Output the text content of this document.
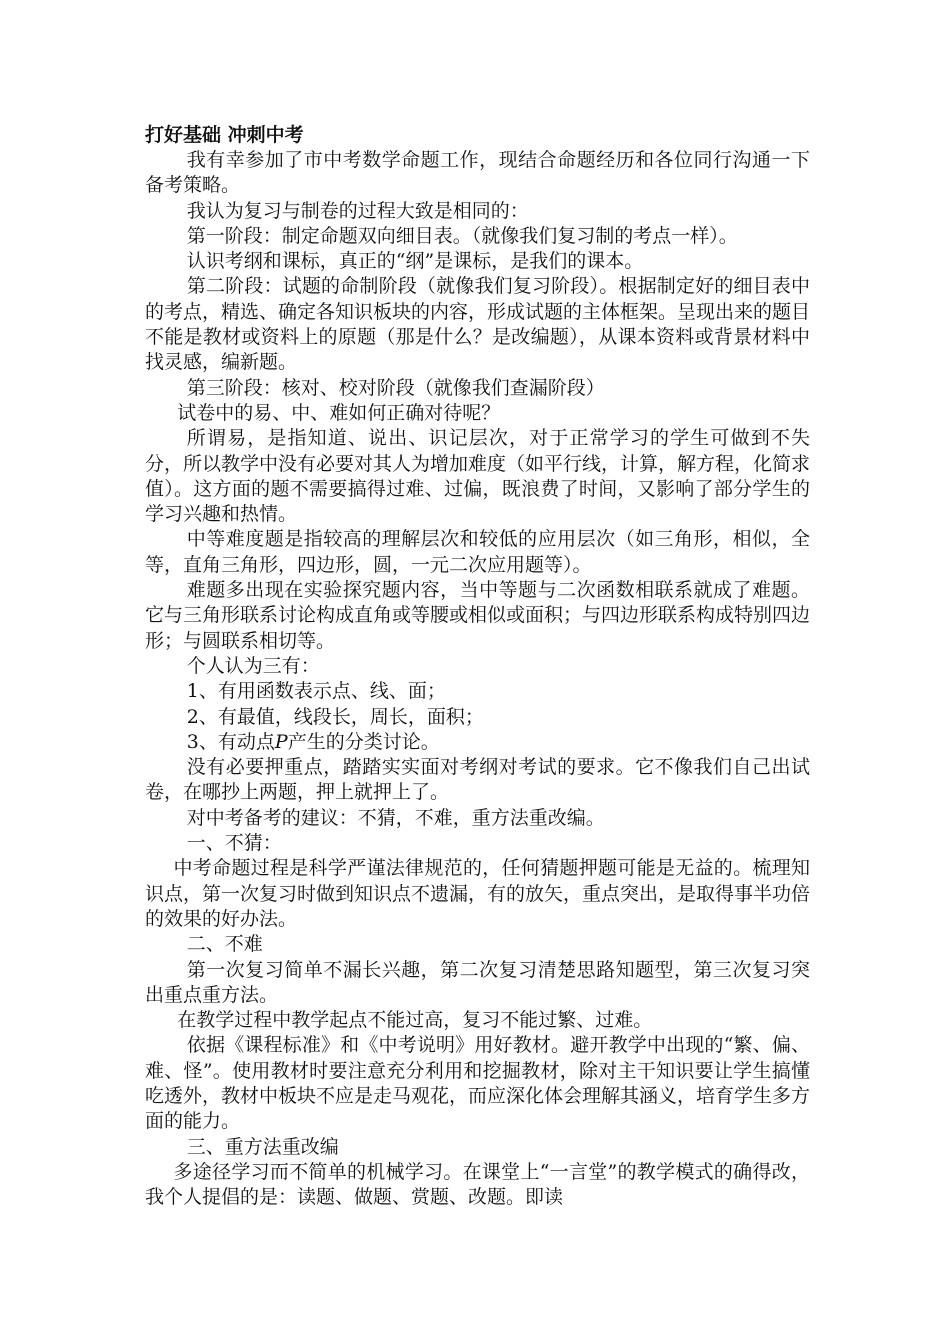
打好基础 冲刺中考

我有幸参加了市中考数学命题工作，现结合命题经历和各位同行沟通一下备考策略。

我认为复习与制卷的过程大致是相同的：

第一阶段：制定命题双向细目表。（就像我们复习制的考点一样）。

认识考纲和课标，真正的“纲”是课标，是我们的课本。

第二阶段：试题的命制阶段（就像我们复习阶段）。根据制定好的细目表中的考点，精选、确定各知识板块的内容，形成试题的主体框架。呈现出来的题目不能是教材或资料上的原题（那是什么？是改编题），从课本资料或背景材料中找灵感，编新题。

第三阶段：核对、校对阶段（就像我们查漏阶段）

试卷中的易、中、难如何正确对待呢？

所谓易，是指知道、说出、识记层次，对于正常学习的学生可做到不失分，所以教学中没有必要对其人为增加难度（如平行线，计算，解方程，化简求值）。这方面的题不需要搞得过难、过偏，既浪费了时间，又影响了部分学生的学习兴趣和热情。

中等难度题是指较高的理解层次和较低的应用层次（如三角形，相似，全等，直角三角形，四边形，圆，一元二次应用题等）。

难题多出现在实验探究题内容，当中等题与二次函数相联系就成了难题。它与三角形联系讨论构成直角或等腰或相似或面积；与四边形联系构成特别四边形；与圆联系相切等。

个人认为三有：

1、有用函数表示点、线、面；

2、有最值，线段长，周长，面积；

3、有动点P产生的分类讨论。

没有必要押重点，踏踏实实面对考纲对考试的要求。它不像我们自己出试卷，在哪抄上两题，押上就押上了。

对中考备考的建议：不猜，不难，重方法重改编。

一、不猜：

中考命题过程是科学严谨法律规范的，任何猜题押题可能是无益的。梳理知识点，第一次复习时做到知识点不遗漏，有的放矢，重点突出，是取得事半功倍的效果的好办法。

二、不难

第一次复习简单不漏长兴趣，第二次复习清楚思路知题型，第三次复习突出重点重方法。

在教学过程中教学起点不能过高，复习不能过繁、过难。

依据《课程标准》和《中考说明》用好教材。避开教学中出现的“繁、偏、难、怪”。使用教材时要注意充分利用和挖掘教材，除对主干知识要让学生搞懂吃透外，教材中板块不应是走马观花，而应深化体会理解其涵义，培育学生多方面的能力。

三、重方法重改编

多途径学习而不简单的机械学习。在课堂上“一言堂”的教学模式的确得改，我个人提倡的是：读题、做题、赏题、改题。即读
